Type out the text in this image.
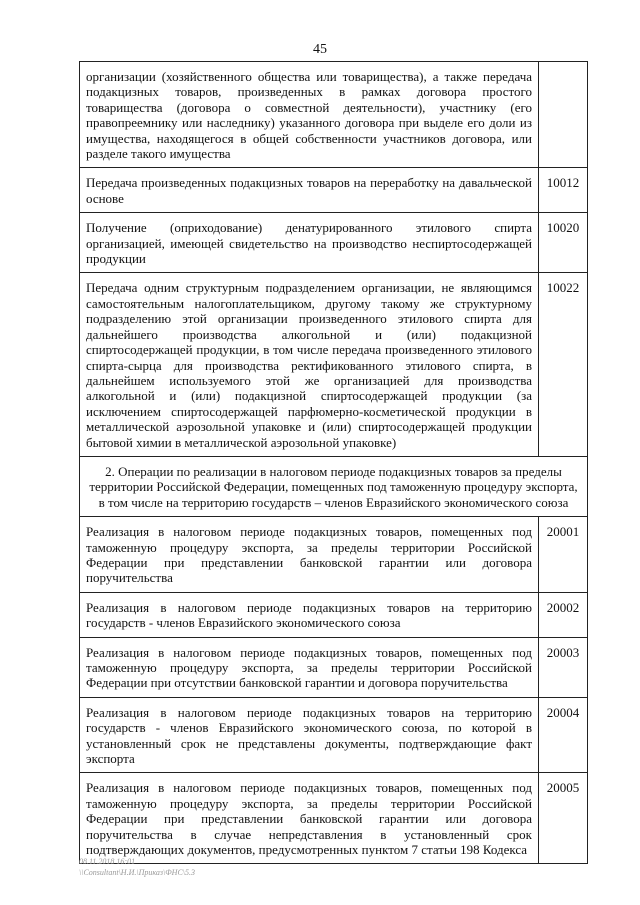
45
организации (хозяйственного общества или товарищества), а также передача подакцизных товаров, произведенных в рамках договора простого товарищества (договора о совместной деятельности), участнику (его правопреемнику или наследнику) указанного договора при выделе его доли из имущества, находящегося в общей собственности участников договора, или разделе такого имущества	
Передача произведенных подакцизных товаров на переработку на давальческой основе	10012
Получение (оприходование) денатурированного этилового спирта организацией, имеющей свидетельство на производство неспиртосодержащей продукции	10020
Передача одним структурным подразделением организации, не являющимся самостоятельным налогоплательщиком, другому такому же структурному подразделению этой организации произведенного этилового спирта для дальнейшего производства алкогольной и (или) подакцизной спиртосодержащей продукции, в том числе передача произведенного этилового спирта-сырца для производства ректификованного этилового спирта, в дальнейшем используемого этой же организацией для производства алкогольной и (или) подакцизной спиртосодержащей продукции (за исключением спиртосодержащей парфюмерно-косметической продукции в металлической аэрозольной упаковке и (или) спиртосодержащей продукции бытовой химии в металлической аэрозольной упаковке)	10022
2. Операции по реализации в налоговом периоде подакцизных товаров за пределы территории Российской Федерации, помещенных под таможенную процедуру экспорта, в том числе на территорию государств – членов Евразийского экономического союза	
Реализация в налоговом периоде подакцизных товаров, помещенных под таможенную процедуру экспорта, за пределы территории Российской Федерации при представлении банковской гарантии или договора поручительства	20001
Реализация в налоговом периоде подакцизных товаров на территорию государств - членов Евразийского экономического союза	20002
Реализация в налоговом периоде подакцизных товаров, помещенных под таможенную процедуру экспорта, за пределы территории Российской Федерации при отсутствии банковской гарантии и договора поручительства	20003
Реализация в налоговом периоде подакцизных товаров на территорию государств - членов Евразийского экономического союза, по которой в установленный срок не представлены документы, подтверждающие факт экспорта	20004
Реализация в налоговом периоде подакцизных товаров, помещенных под таможенную процедуру экспорта, за пределы территории Российской Федерации при представлении банковской гарантии или договора поручительства в случае непредставления в установленный срок подтверждающих документов, предусмотренных пунктом 7 статьи 198 Кодекса	20005
08.11.2018 16:01
\\Consultant\Н.И.\Приказ\ФНС\5.3
